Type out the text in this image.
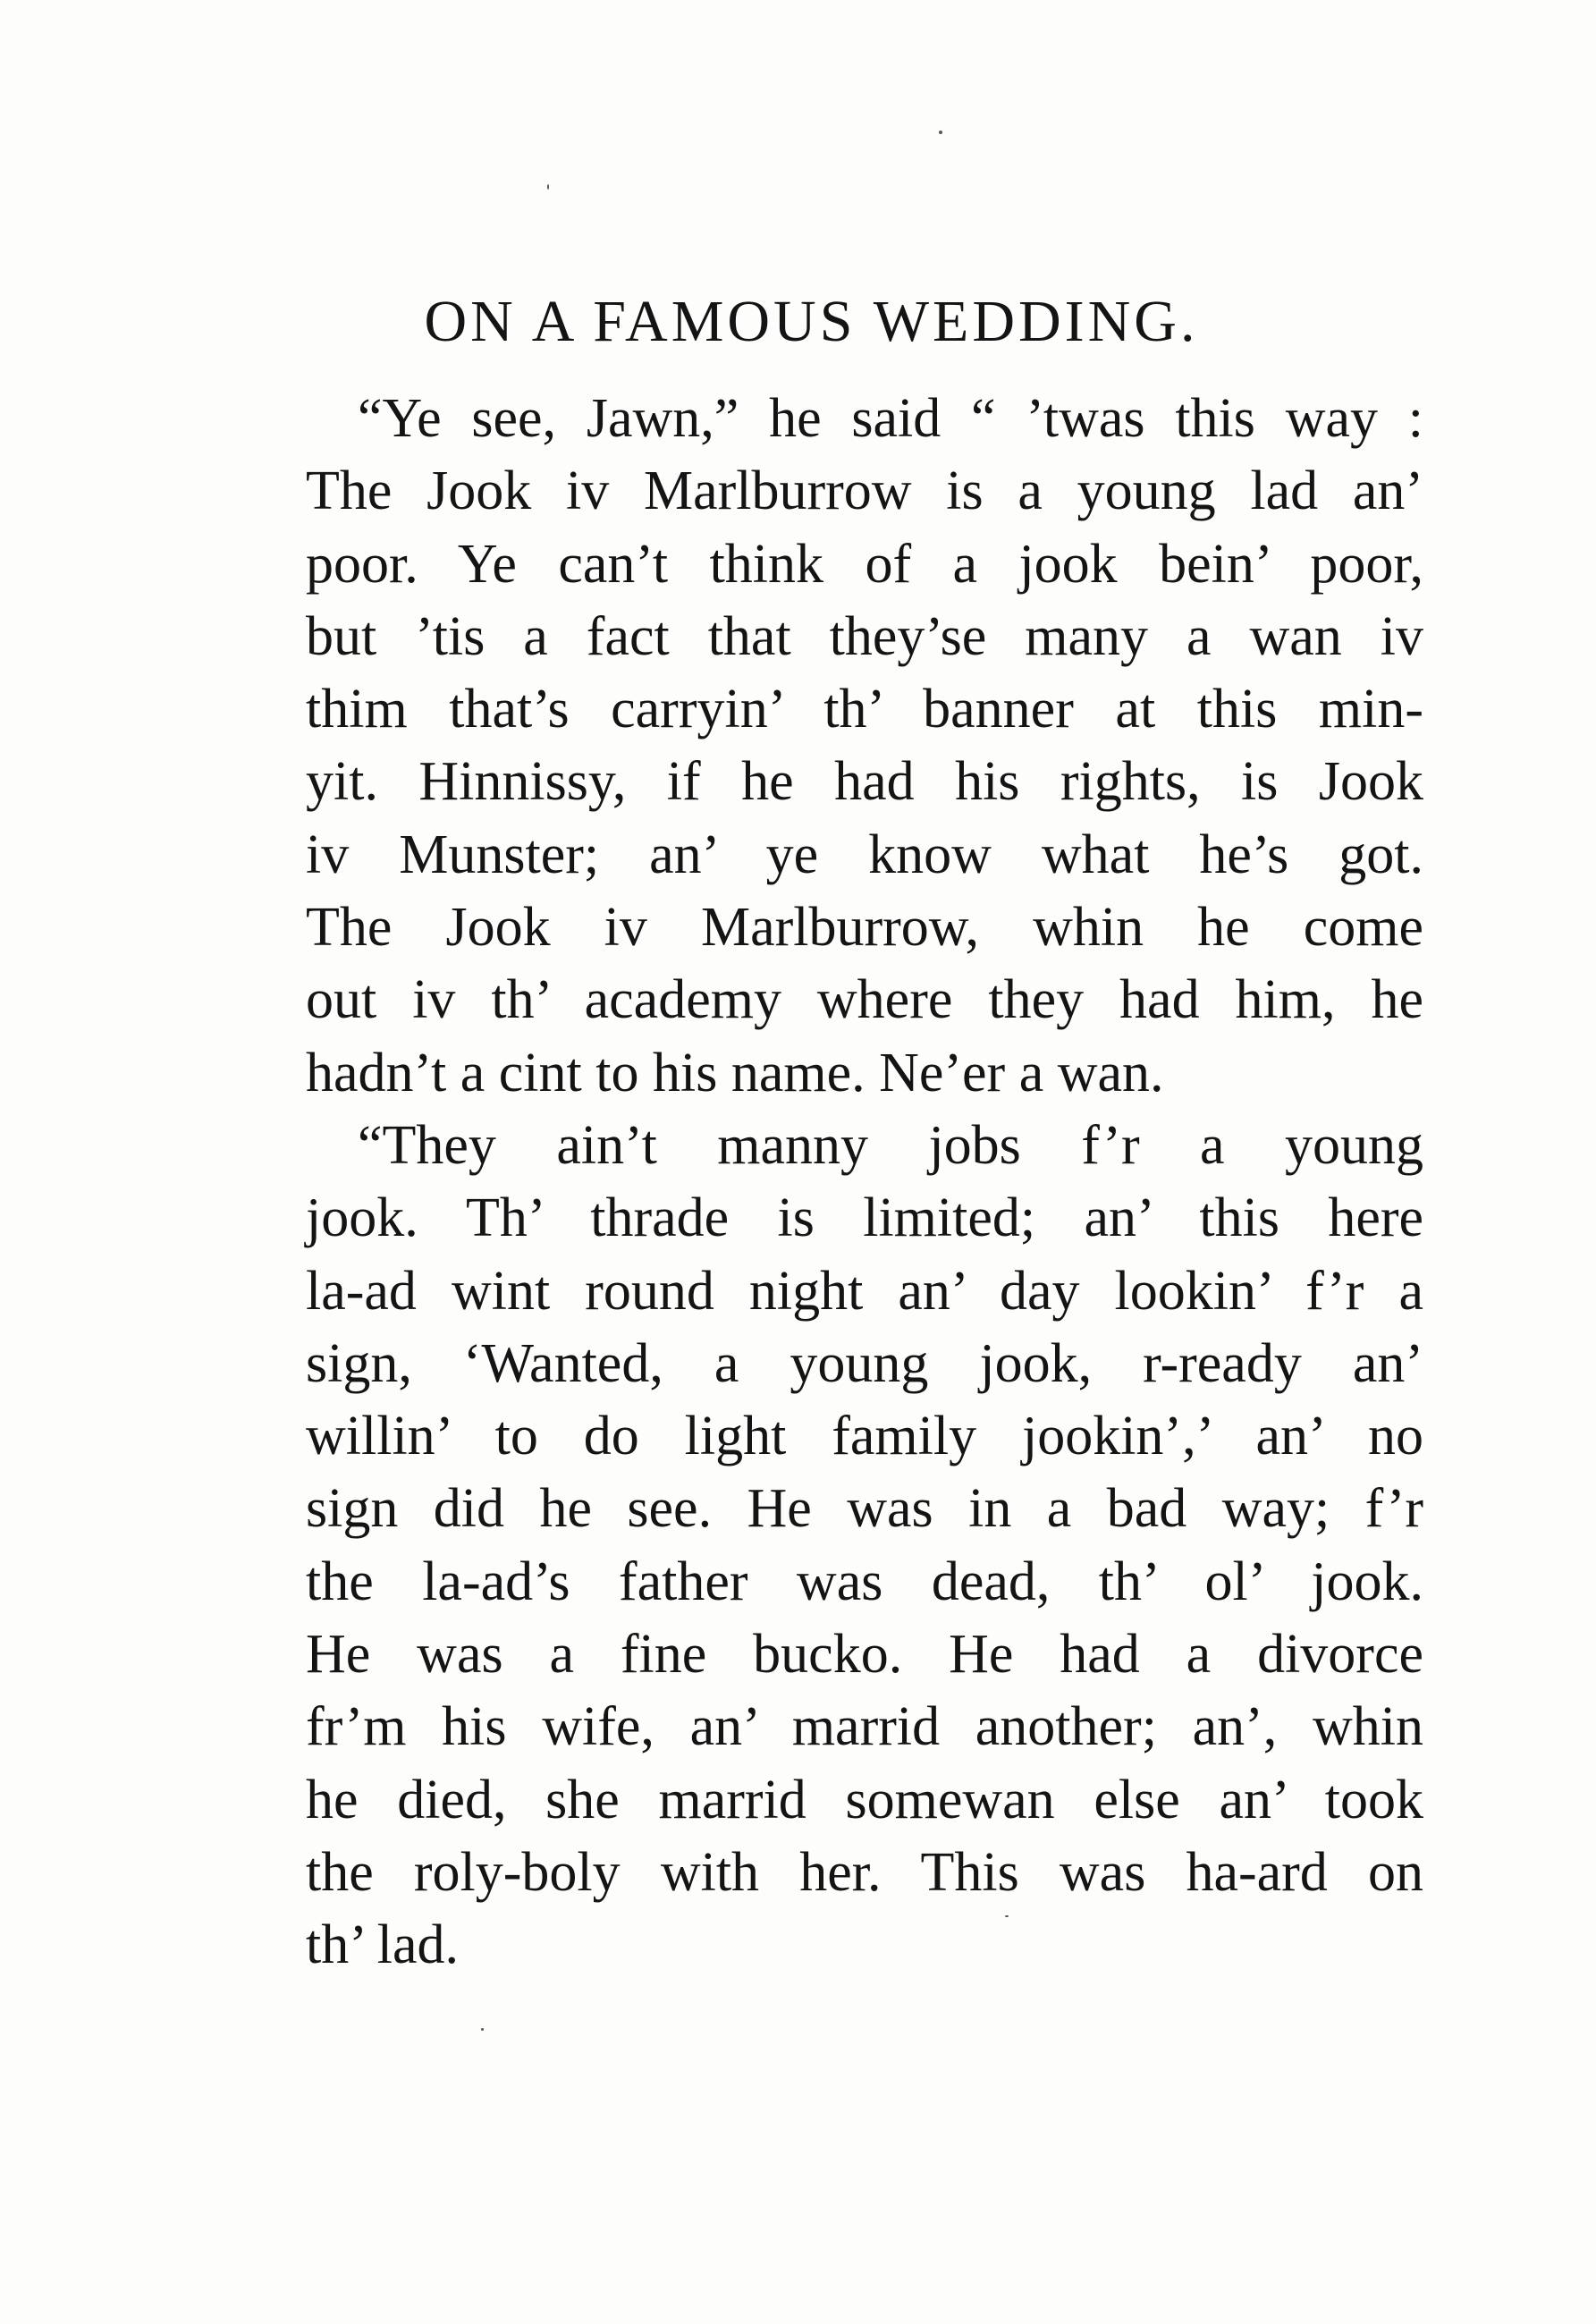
ON A FAMOUS WEDDING.
“Ye see, Jawn,” he said “ ’twas this way :
The Jook iv Marlburrow is a young lad an’
poor. Ye can’t think of a jook bein’ poor,
but ’tis a fact that they’se many a wan iv
thim that’s carryin’ th’ banner at this min-
yit. Hinnissy, if he had his rights, is Jook
iv Munster; an’ ye know what he’s got.
The Jook iv Marlburrow, whin he come
out iv th’ academy where they had him, he
hadn’t a cint to his name. Ne’er a wan.
“They ain’t manny jobs f’r a young
jook. Th’ thrade is limited; an’ this here
la-ad wint round night an’ day lookin’ f’r a
sign, ‘Wanted, a young jook, r-ready an’
willin’ to do light family jookin’,’ an’ no
sign did he see. He was in a bad way; f’r
the la-ad’s father was dead, th’ ol’ jook.
He was a fine bucko. He had a divorce
fr’m his wife, an’ marrid another; an’, whin
he died, she marrid somewan else an’ took
the roly-boly with her. This was ha-ard on
th’ lad.
